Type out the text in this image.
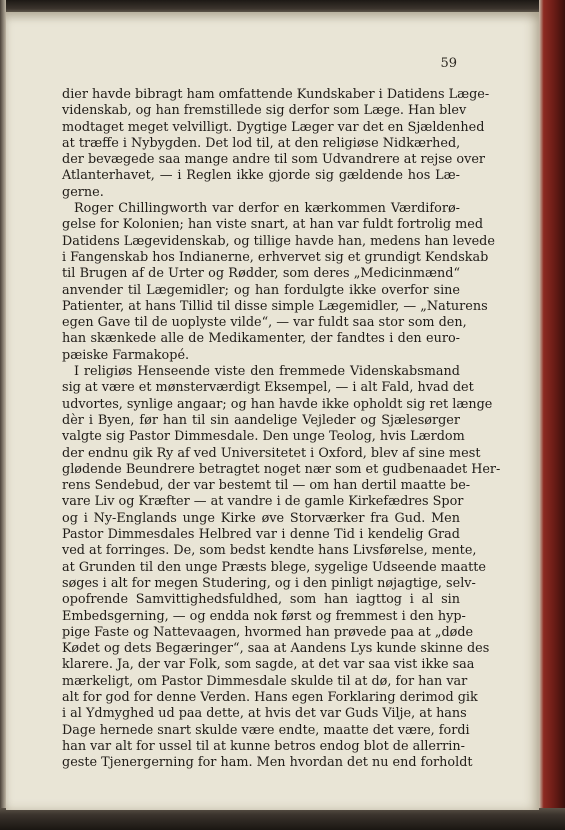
59

dier havde bibragt ham omfattende Kundskaber i Datidens Læge-
videnskab, og han fremstillede sig derfor som Læge. Han blev
modtaget meget velvilligt. Dygtige Læger var det en Sjældenhed
at træffe i Nybygden. Det lod til, at den religiøse Nidkærhed,
der bevægede saa mange andre til som Udvandrere at rejse over
Atlanterhavet, — i Reglen ikke gjorde sig gældende hos Læ-
gerne.
Roger Chillingworth var derfor en kærkommen Værdiforø-
gelse for Kolonien; han viste snart, at han var fuldt fortrolig med
Datidens Lægevidenskab, og tillige havde han, medens han levede
i Fangenskab hos Indianerne, erhvervet sig et grundigt Kendskab
til Brugen af de Urter og Rødder, som deres „Medicinmænd“
anvender til Lægemidler; og han fordulgte ikke overfor sine
Patienter, at hans Tillid til disse simple Lægemidler, — „Naturens
egen Gave til de uoplyste vilde“, — var fuldt saa stor som den,
han skænkede alle de Medikamenter, der fandtes i den euro-
pæiske Farmakopé.
I religiøs Henseende viste den fremmede Videnskabsmand
sig at være et mønsterværdigt Eksempel, — i alt Fald, hvad det
udvortes, synlige angaar; og han havde ikke opholdt sig ret længe
dèr i Byen, før han til sin aandelige Vejleder og Sjælesørger
valgte sig Pastor Dimmesdale. Den unge Teolog, hvis Lærdom
der endnu gik Ry af ved Universitetet i Oxford, blev af sine mest
glødende Beundrere betragtet noget nær som et gudbenaadet Her-
rens Sendebud, der var bestemt til — om han dertil maatte be-
vare Liv og Kræfter — at vandre i de gamle Kirkefædres Spor
og i Ny-Englands unge Kirke øve Storværker fra Gud. Men
Pastor Dimmesdales Helbred var i denne Tid i kendelig Grad
ved at forringes. De, som bedst kendte hans Livsførelse, mente,
at Grunden til den unge Præsts blege, sygelige Udseende maatte
søges i alt for megen Studering, og i den pinligt nøjagtige, selv-
opofrende Samvittighedsfuldhed, som han iagttog i al sin
Embedsgerning, — og endda nok først og fremmest i den hyp-
pige Faste og Nattevaagen, hvormed han prøvede paa at „døde
Kødet og dets Begæringer“, saa at Aandens Lys kunde skinne des
klarere. Ja, der var Folk, som sagde, at det var saa vist ikke saa
mærkeligt, om Pastor Dimmesdale skulde til at dø, for han var
alt for god for denne Verden. Hans egen Forklaring derimod gik
i al Ydmyghed ud paa dette, at hvis det var Guds Vilje, at hans
Dage hernede snart skulde være endte, maatte det være, fordi
han var alt for ussel til at kunne betros endog blot de allerrin-
geste Tjenergerning for ham. Men hvordan det nu end forholdt
